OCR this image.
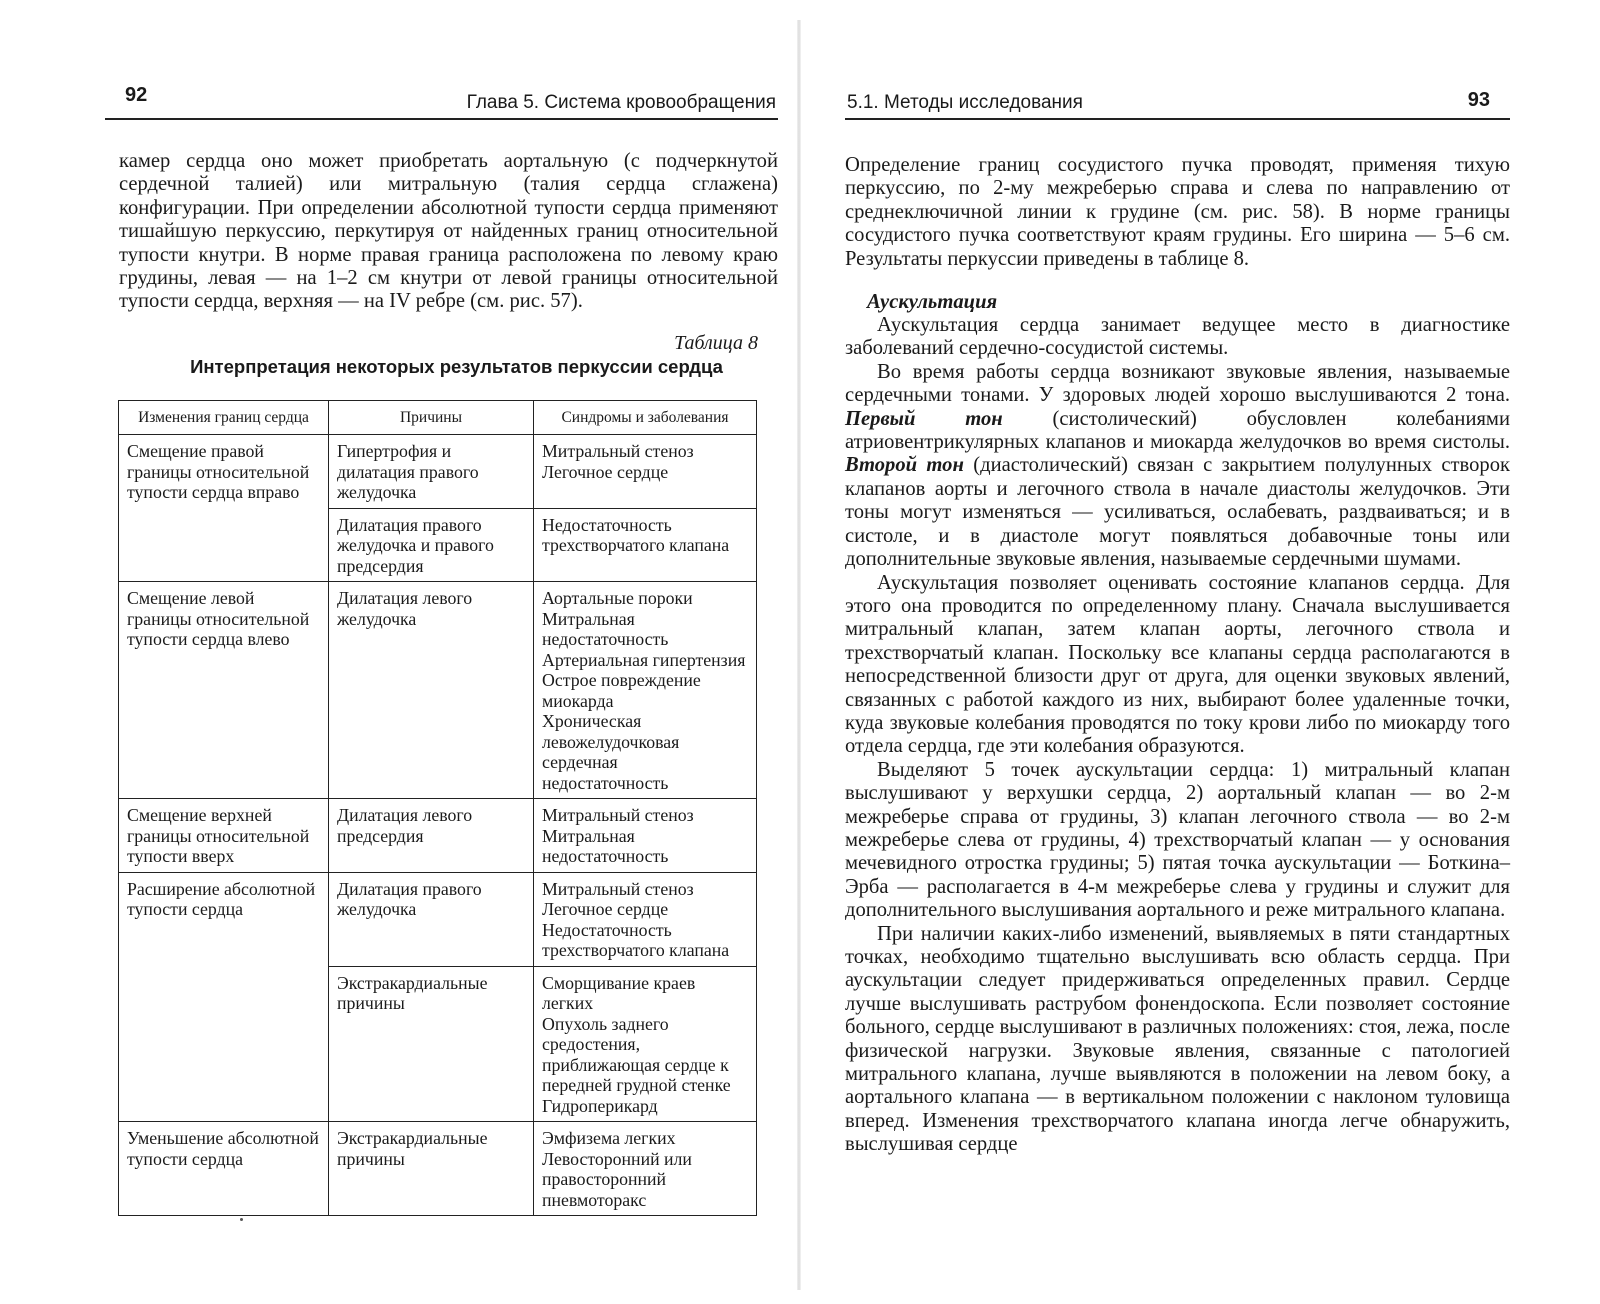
92	Глава 5. Система кровообращения

камер сердца оно может приобретать аортальную (с подчеркнутой сердечной талией) или митральную (талия сердца сглажена) конфигурации. При определении абсолютной тупости сердца применяют тишайшую перкуссию, перкутируя от найденных границ относительной тупости кнутри. В норме правая граница расположена по левому краю грудины, левая — на 1–2 см кнутри от левой границы относительной тупости сердца, верхняя — на IV ребре (см. рис. 57).

Таблица 8
Интерпретация некоторых результатов перкуссии сердца
Изменения границ сердца	Причины	Синдромы и заболевания
Смещение правой границы относительной тупости сердца вправо	Гипертрофия и дилатация правого желудочка	Митральный стеноз
Легочное сердце

	Дилатация правого желудочка и правого предсердия	Недостаточность трехстворчатого клапана

Смещение левой границы относительной тупости сердца влево	Дилатация левого желудочка	Аортальные пороки
Митральная недостаточность
Артериальная гипертензия
Острое повреждение миокарда
Хроническая левожелудочковая сердечная недостаточность

Смещение верхней границы относительной тупости вверх	Дилатация левого предсердия	Митральный стеноз
Митральная недостаточность

Расширение абсолютной тупости сердца	Дилатация правого желудочка	Митральный стеноз
Легочное сердце
Недостаточность трехстворчатого клапана

	Экстракардиальные причины	Сморщивание краев легких
Опухоль заднего средостения, приближающая сердце к передней грудной стенке
Гидроперикард

Уменьшение абсолютной тупости сердца	Экстракардиальные причины	Эмфизема легких
Левосторонний или правосторонний пневмоторакс
5.1. Методы исследования	93

Определение границ сосудистого пучка проводят, применяя тихую перкуссию, по 2-му межреберью справа и слева по направлению от среднеключичной линии к грудине (см. рис. 58). В норме границы сосудистого пучка соответствуют краям грудины. Его ширина — 5–6 см. Результаты перкуссии приведены в таблице 8.

Аускультация

Аускультация сердца занимает ведущее место в диагностике заболеваний сердечно-сосудистой системы.

Во время работы сердца возникают звуковые явления, называемые сердечными тонами. У здоровых людей хорошо выслушиваются 2 тона. Первый тон (систолический) обусловлен колебаниями атриовентрикулярных клапанов и миокарда желудочков во время систолы. Второй тон (диастолический) связан с закрытием полулунных створок клапанов аорты и легочного ствола в начале диастолы желудочков. Эти тоны могут изменяться — усиливаться, ослабевать, раздваиваться; и в систоле, и в диастоле могут появляться добавочные тоны или дополнительные звуковые явления, называемые сердечными шумами.

Аускультация позволяет оценивать состояние клапанов сердца. Для этого она проводится по определенному плану. Сначала выслушивается митральный клапан, затем клапан аорты, легочного ствола и трехстворчатый клапан. Поскольку все клапаны сердца располагаются в непосредственной близости друг от друга, для оценки звуковых явлений, связанных с работой каждого из них, выбирают более удаленные точки, куда звуковые колебания проводятся по току крови либо по миокарду того отдела сердца, где эти колебания образуются.

Выделяют 5 точек аускультации сердца: 1) митральный клапан выслушивают у верхушки сердца, 2) аортальный клапан — во 2-м межреберье справа от грудины, 3) клапан легочного ствола — во 2-м межреберье слева от грудины, 4) трехстворчатый клапан — у основания мечевидного отростка грудины; 5) пятая точка аускультации — Боткина–Эрба — располагается в 4-м межреберье слева у грудины и служит для дополнительного выслушивания аортального и реже митрального клапана.

При наличии каких-либо изменений, выявляемых в пяти стандартных точках, необходимо тщательно выслушивать всю область сердца. При аускультации следует придерживаться определенных правил. Сердце лучше выслушивать раструбом фонендоскопа. Если позволяет состояние больного, сердце выслушивают в различных положениях: стоя, лежа, после физической нагрузки. Звуковые явления, связанные с патологией митрального клапана, лучше выявляются в положении на левом боку, а аортального клапана — в вертикальном положении с наклоном туловища вперед. Изменения трехстворчатого клапана иногда легче обнаружить, выслушивая сердце
